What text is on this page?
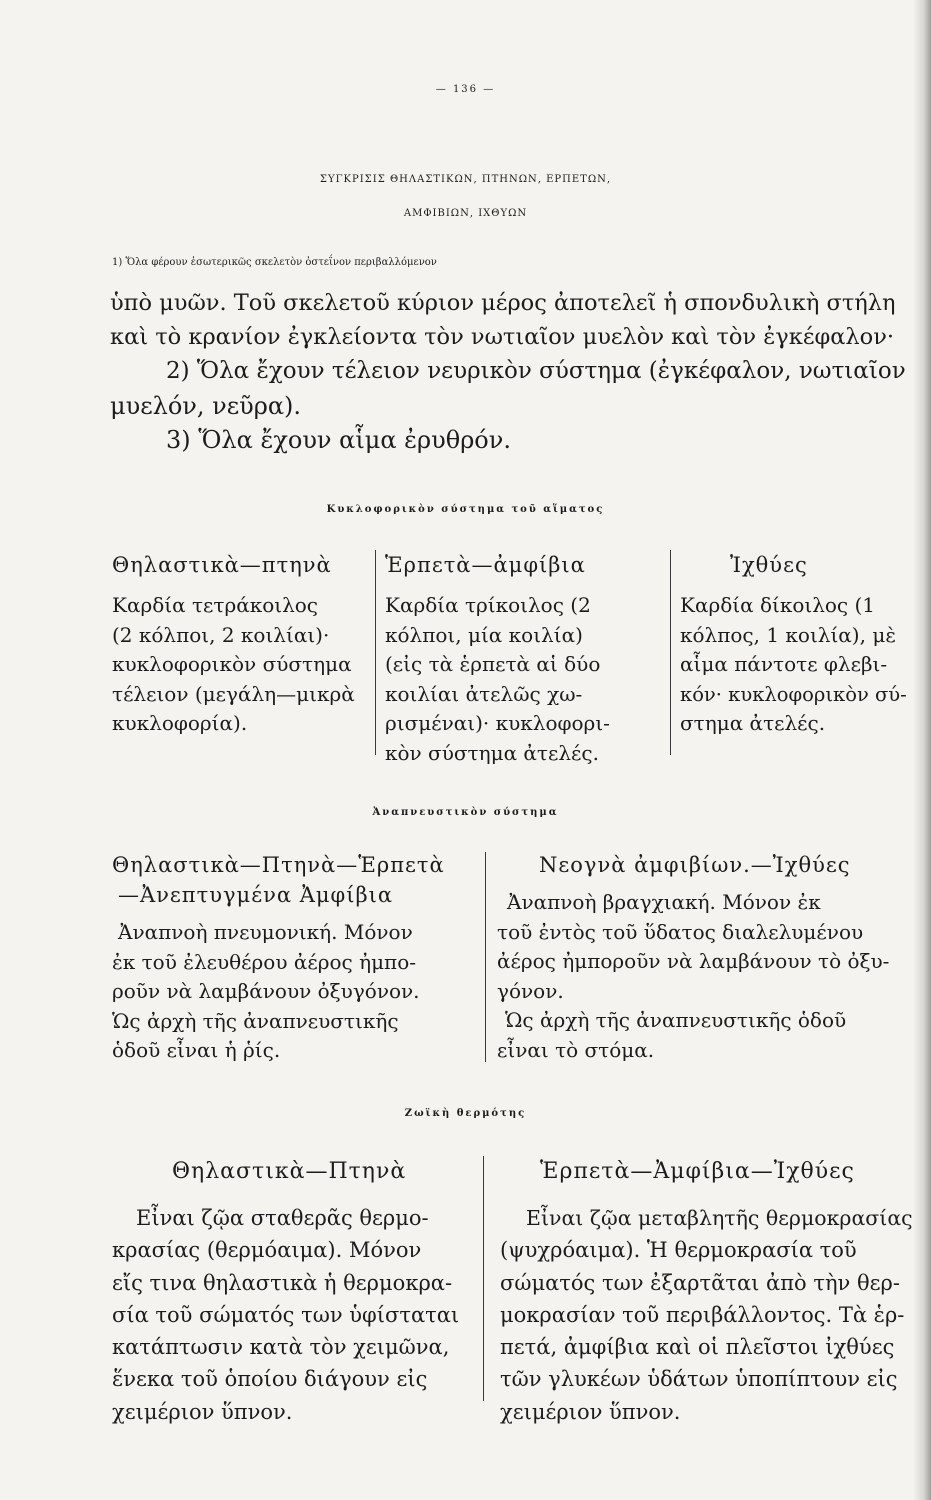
— 136 —
ΣΥΓΚΡΙΣΙΣ ΘΗΛΑΣΤΙΚΩΝ, ΠΤΗΝΩΝ, ΕΡΠΕΤΩΝ,
ΑΜΦΙΒΙΩΝ, ΙΧΘΥΩΝ
1) Ὅλα φέρουν ἐσωτερικῶς σκελετὸν ὀστεΐνον περιβαλλόμενον
ὑπὸ μυῶν. Τοῦ σκελετοῦ κύριον μέρος ἀποτελεῖ ἡ σπονδυλικὴ στήλη
καὶ τὸ κρανίον ἐγκλείοντα τὸν νωτιαῖον μυελὸν καὶ τὸν ἐγκέφαλον·
2) Ὅλα ἔχουν τέλειον νευρικὸν σύστημα (ἐγκέφαλον, νωτιαῖον
μυελόν, νεῦρα).
3) Ὅλα ἔχουν αἷμα ἐρυθρόν.
Κυκλοφορικὸν σύστημα τοῦ αἵματος
Θηλαστικὰ—πτηνὰ
Καρδία τετράκοιλος
(2 κόλποι, 2 κοιλίαι)·
κυκλοφορικὸν σύστημα
τέλειον (μεγάλη—μικρὰ
κυκλοφορία).
Ἑρπετὰ—ἀμφίβια
Καρδία τρίκοιλος (2
κόλποι, μία κοιλία)
(εἰς τὰ ἑρπετὰ αἱ δύο
κοιλίαι ἀτελῶς χω-
ρισμέναι)· κυκλοφορι-
κὸν σύστημα ἀτελές.
Ἰχθύες
Καρδία δίκοιλος (1
κόλπος, 1 κοιλία), μὲ
αἷμα πάντοτε φλεβι-
κόν· κυκλοφορικὸν σύ-
στημα ἀτελές.
Ἀναπνευστικὸν σύστημα
Θηλαστικὰ—Πτηνὰ—Ἑρπετὰ
—Ἀνεπτυγμένα Ἀμφίβια
Ἀναπνοὴ πνευμονική. Μόνον
ἐκ τοῦ ἐλευθέρου ἀέρος ἠμπο-
ροῦν νὰ λαμβάνουν ὀξυγόνον.
Ὡς ἀρχὴ τῆς ἀναπνευστικῆς
ὁδοῦ εἶναι ἡ ῥίς.
Νεογνὰ ἀμφιβίων.—Ἰχθύες
Ἀναπνοὴ βραγχιακή. Μόνον ἐκ
τοῦ ἐντὸς τοῦ ὕδατος διαλελυμένου
ἀέρος ἠμποροῦν νὰ λαμβάνουν τὸ ὀξυ-
γόνον.
Ὡς ἀρχὴ τῆς ἀναπνευστικῆς ὁδοῦ
εἶναι τὸ στόμα.
Ζωϊκὴ θερμότης
Θηλαστικὰ—Πτηνὰ
Εἶναι ζῷα σταθερᾶς θερμο-
κρασίας (θερμόαιμα). Μόνον
εἴς τινα θηλαστικὰ ἡ θερμοκρα-
σία τοῦ σώματός των ὑφίσταται
κατάπτωσιν κατὰ τὸν χειμῶνα,
ἕνεκα τοῦ ὁποίου διάγουν εἰς
χειμέριον ὕπνον.
Ἑρπετὰ—Ἀμφίβια—Ἰχθύες
Εἶναι ζῷα μεταβλητῆς θερμοκρασίας
(ψυχρόαιμα). Ἡ θερμοκρασία τοῦ
σώματός των ἐξαρτᾶται ἀπὸ τὴν θερ-
μοκρασίαν τοῦ περιβάλλοντος. Τὰ ἑρ-
πετά, ἀμφίβια καὶ οἱ πλεῖστοι ἰχθύες
τῶν γλυκέων ὑδάτων ὑποπίπτουν εἰς
χειμέριον ὕπνον.
